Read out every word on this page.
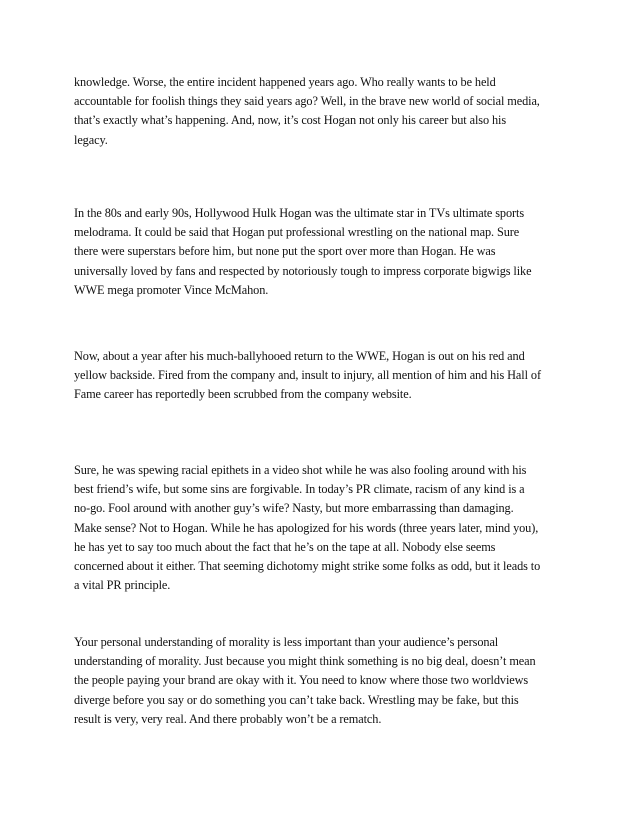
knowledge. Worse, the entire incident happened years ago. Who really wants to be held
accountable for foolish things they said years ago? Well, in the brave new world of social media,
that’s exactly what’s happening. And, now, it’s cost Hogan not only his career but also his
legacy.

In the 80s and early 90s, Hollywood Hulk Hogan was the ultimate star in TVs ultimate sports
melodrama. It could be said that Hogan put professional wrestling on the national map. Sure
there were superstars before him, but none put the sport over more than Hogan. He was
universally loved by fans and respected by notoriously tough to impress corporate bigwigs like
WWE mega promoter Vince McMahon.

Now, about a year after his much-ballyhooed return to the WWE, Hogan is out on his red and
yellow backside. Fired from the company and, insult to injury, all mention of him and his Hall of
Fame career has reportedly been scrubbed from the company website.

Sure, he was spewing racial epithets in a video shot while he was also fooling around with his
best friend’s wife, but some sins are forgivable. In today’s PR climate, racism of any kind is a
no-go. Fool around with another guy’s wife? Nasty, but more embarrassing than damaging.
Make sense? Not to Hogan. While he has apologized for his words (three years later, mind you),
he has yet to say too much about the fact that he’s on the tape at all. Nobody else seems
concerned about it either. That seeming dichotomy might strike some folks as odd, but it leads to
a vital PR principle.

Your personal understanding of morality is less important than your audience’s personal
understanding of morality. Just because you might think something is no big deal, doesn’t mean
the people paying your brand are okay with it. You need to know where those two worldviews
diverge before you say or do something you can’t take back. Wrestling may be fake, but this
result is very, very real. And there probably won’t be a rematch.
